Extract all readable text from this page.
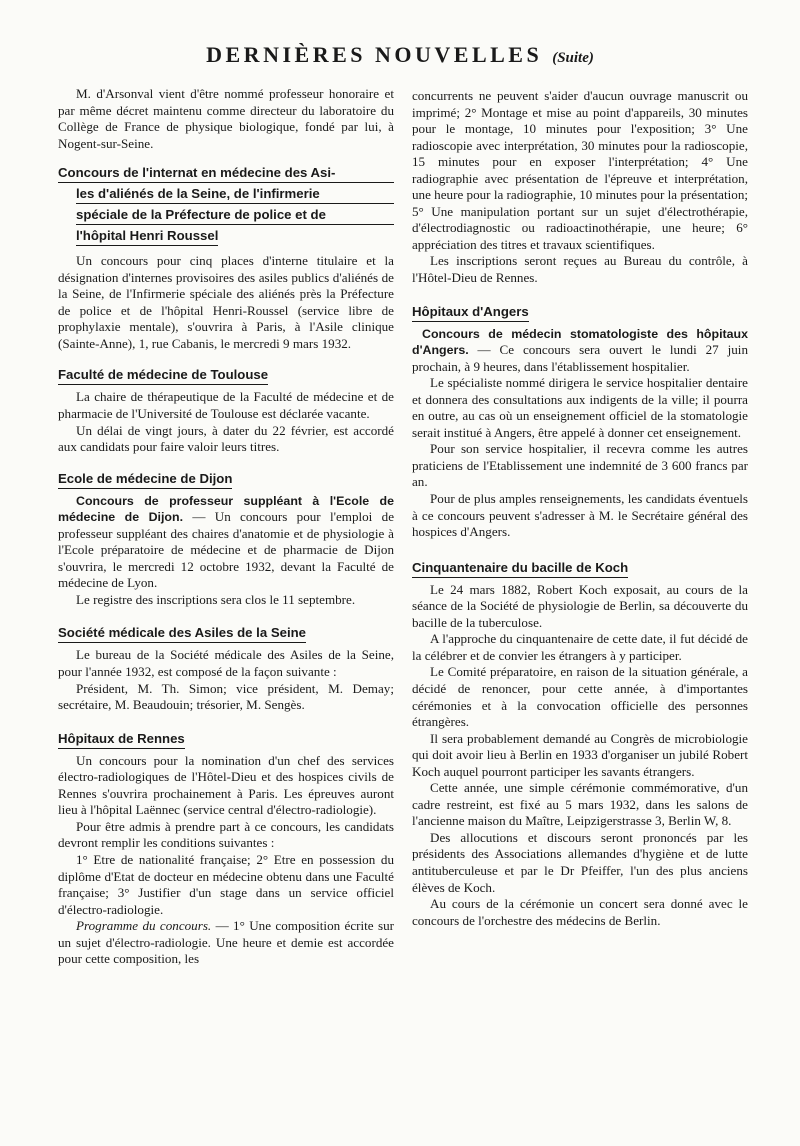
DERNIÈRES NOUVELLES (Suite)

M. d'Arsonval vient d'être nommé professeur honoraire et par même décret maintenu comme directeur du laboratoire du Collège de France de physique biologique, fondé par lui, à Nogent-sur-Seine.

Concours de l'internat en médecine des Asi-
les d'aliénés de la Seine, de l'infirmerie
spéciale de la Préfecture de police et de
l'hôpital Henri Roussel

Un concours pour cinq places d'interne titulaire et la désignation d'internes provisoires des asiles publics d'aliénés de la Seine, de l'Infirmerie spéciale des aliénés près la Préfecture de police et de l'hôpital Henri-Roussel (service libre de prophylaxie mentale), s'ouvrira à Paris, à l'Asile clinique (Sainte-Anne), 1, rue Cabanis, le mercredi 9 mars 1932.

Faculté de médecine de Toulouse

La chaire de thérapeutique de la Faculté de médecine et de pharmacie de l'Université de Toulouse est déclarée vacante.

Un délai de vingt jours, à dater du 22 février, est accordé aux candidats pour faire valoir leurs titres.

Ecole de médecine de Dijon

Concours de professeur suppléant à l'Ecole de médecine de Dijon. — Un concours pour l'emploi de professeur suppléant des chaires d'anatomie et de physiologie à l'Ecole préparatoire de médecine et de pharmacie de Dijon s'ouvrira, le mercredi 12 octobre 1932, devant la Faculté de médecine de Lyon.

Le registre des inscriptions sera clos le 11 septembre.

Société médicale des Asiles de la Seine

Le bureau de la Société médicale des Asiles de la Seine, pour l'année 1932, est composé de la façon suivante :

Président, M. Th. Simon; vice président, M. Demay; secrétaire, M. Beaudouin; trésorier, M. Sengès.

Hôpitaux de Rennes

Un concours pour la nomination d'un chef des services électro-radiologiques de l'Hôtel-Dieu et des hospices civils de Rennes s'ouvrira prochainement à Paris. Les épreuves auront lieu à l'hôpital Laënnec (service central d'électro-radiologie).

Pour être admis à prendre part à ce concours, les candidats devront remplir les conditions suivantes :

1° Etre de nationalité française; 2° Etre en possession du diplôme d'Etat de docteur en médecine obtenu dans une Faculté française; 3° Justifier d'un stage dans un service officiel d'électro-radiologie.

Programme du concours. — 1° Une composition écrite sur un sujet d'électro-radiologie. Une heure et demie est accordée pour cette composition, les

concurrents ne peuvent s'aider d'aucun ouvrage manuscrit ou imprimé; 2° Montage et mise au point d'appareils, 30 minutes pour le montage, 10 minutes pour l'exposition; 3° Une radioscopie avec interprétation, 30 minutes pour la radioscopie, 15 minutes pour en exposer l'interprétation; 4° Une radiographie avec présentation de l'épreuve et interprétation, une heure pour la radiographie, 10 minutes pour la présentation; 5° Une manipulation portant sur un sujet d'électrothérapie, d'électrodiagnostic ou radioactinothérapie, une heure; 6° appréciation des titres et travaux scientifiques.

Les inscriptions seront reçues au Bureau du contrôle, à l'Hôtel-Dieu de Rennes.

Hôpitaux d'Angers

Concours de médecin stomatologiste des hôpitaux d'Angers. — Ce concours sera ouvert le lundi 27 juin prochain, à 9 heures, dans l'établissement hospitalier.

Le spécialiste nommé dirigera le service hospitalier dentaire et donnera des consultations aux indigents de la ville; il pourra en outre, au cas où un enseignement officiel de la stomatologie serait institué à Angers, être appelé à donner cet enseignement.

Pour son service hospitalier, il recevra comme les autres praticiens de l'Etablissement une indemnité de 3 600 francs par an.

Pour de plus amples renseignements, les candidats éventuels à ce concours peuvent s'adresser à M. le Secrétaire général des hospices d'Angers.

Cinquantenaire du bacille de Koch

Le 24 mars 1882, Robert Koch exposait, au cours de la séance de la Société de physiologie de Berlin, sa découverte du bacille de la tuberculose.

A l'approche du cinquantenaire de cette date, il fut décidé de la célébrer et de convier les étrangers à y participer.

Le Comité préparatoire, en raison de la situation générale, a décidé de renoncer, pour cette année, à d'importantes cérémonies et à la convocation officielle des personnes étrangères.

Il sera probablement demandé au Congrès de microbiologie qui doit avoir lieu à Berlin en 1933 d'organiser un jubilé Robert Koch auquel pourront participer les savants étrangers.

Cette année, une simple cérémonie commémorative, d'un cadre restreint, est fixé au 5 mars 1932, dans les salons de l'ancienne maison du Maître, Leipzigerstrasse 3, Berlin W, 8.

Des allocutions et discours seront prononcés par les présidents des Associations allemandes d'hygiène et de lutte antituberculeuse et par le Dr Pfeiffer, l'un des plus anciens élèves de Koch.

Au cours de la cérémonie un concert sera donné avec le concours de l'orchestre des médecins de Berlin.
